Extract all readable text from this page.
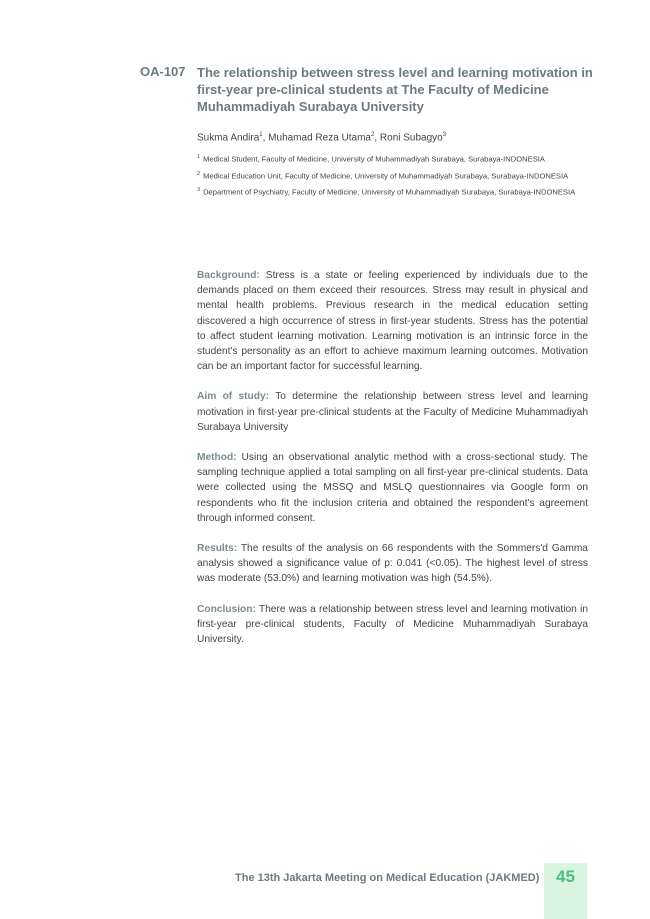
OA-107 The relationship between stress level and learning motivation in first-year pre-clinical students at The Faculty of Medicine Muhammadiyah Surabaya University
Sukma Andira$^1$, Muhamad Reza Utama$^2$, Roni Subagyo$^3$
$^1$ Medical Student, Faculty of Medicine, University of Muhammadiyah Surabaya, Surabaya-INDONESIA
$^2$ Medical Education Unit, Faculty of Medicine, University of Muhammadiyah Surabaya, Surabaya-INDONESIA
$^3$ Department of Psychiatry, Faculty of Medicine, University of Muhammadiyah Surabaya, Surabaya-INDONESIA

Background: Stress is a state or feeling experienced by individuals due to the demands placed on them exceed their resources. Stress may result in physical and mental health problems. Previous research in the medical education setting discovered a high occurrence of stress in first-year students. Stress has the potential to affect student learning motivation. Learning motivation is an intrinsic force in the student's personality as an effort to achieve maximum learning outcomes. Motivation can be an important factor for successful learning.

Aim of study: To determine the relationship between stress level and learning motivation in first-year pre-clinical students at the Faculty of Medicine Muhammadiyah Surabaya University

Method: Using an observational analytic method with a cross-sectional study. The sampling technique applied a total sampling on all first-year pre-clinical students. Data were collected using the MSSQ and MSLQ questionnaires via Google form on respondents who fit the inclusion criteria and obtained the respondent's agreement through informed consent.

Results: The results of the analysis on 66 respondents with the Sommers'd Gamma analysis showed a significance value of p: 0.041 (<0.05). The highest level of stress was moderate (53.0%) and learning motivation was high (54.5%).

Conclusion: There was a relationship between stress level and learning motivation in first-year pre-clinical students, Faculty of Medicine Muhammadiyah Surabaya University.

The 13th Jakarta Meeting on Medical Education (JAKMED) 45
